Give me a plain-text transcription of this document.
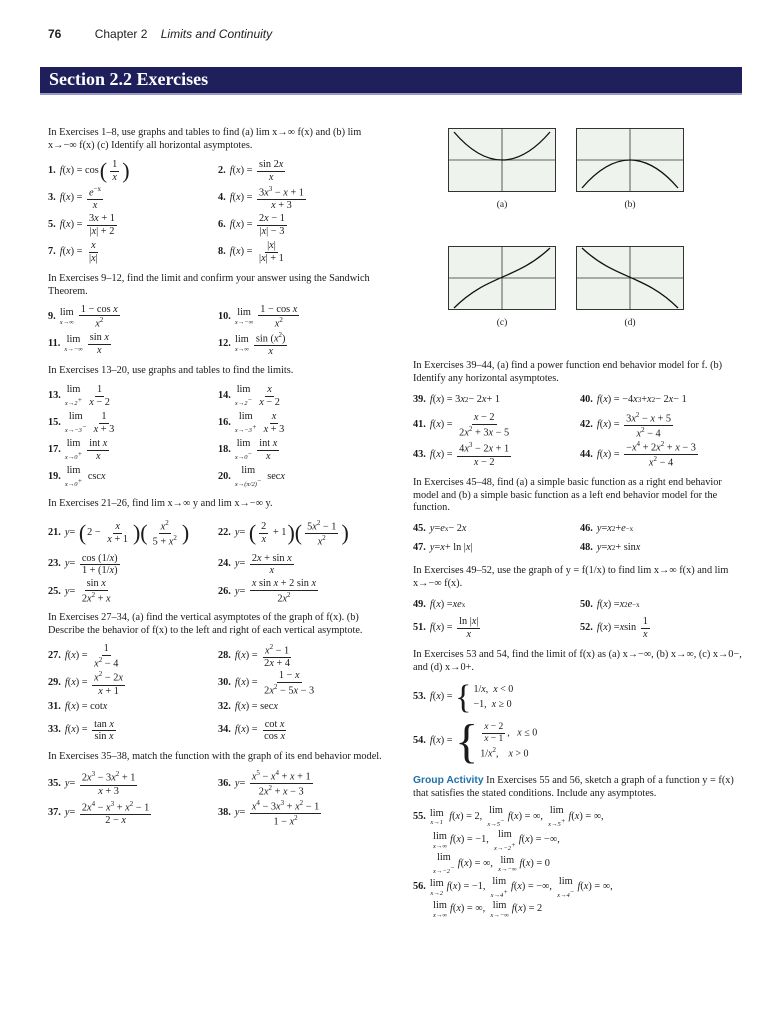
76	Chapter 2 Limits and Continuity
Section 2.2 Exercises

In Exercises 1–8, use graphs and tables to find (a) lim x→∞ f(x) and (b) lim x→−∞ f(x) (c) Identify all horizontal asymptotes.

1. f ( x ) = cos ( 1
x )	2. f ( x ) =
sin 2x
x
3. f ( x ) = $e^{-x}$
x
4. f ( x ) = $3x^3 - x + 1$
x + 3
5. f ( x ) =
3x + 1
|x| + 2
6. f ( x ) =
2x − 1
|x| − 3
7. f ( x ) =
x
|x|
8. f ( x ) =
|x|
|x| + 1

In Exercises 9–12, find the limit and confirm your answer using the Sandwich Theorem.

9. lim
x→∞
1 − cos x
$x^2$	10. lim
x→−∞
1 − cos x
$x^2$
11. lim
x→−∞
sin x
x
12. lim
x→∞
$\sin (x^2)$
x

In Exercises 13–20, use graphs and tables to find the limits.

13. lim
$x\to 2+ \frac{1}{x - 2}$	14. lim
$x\to 2- \frac{x}{x - 2}$
15. lim
$x\to-3- \frac{1}{x + 3}$	16. lim
$x\to-3+ \frac{x}{x + 3}$
17. lim
x→0+
int x
x
18. lim
x→0−
int x
x
19. lim
x→0+ csc x	20. lim
x→(π/2)− sec x

In Exercises 21–26, find lim x→∞ y and lim x→−∞ y.

21. y = ( 2 −
x
x + 1 )( $x^2$
$5 + x^2$ )	22. y = ( 2
x
+ 1 )( $5x^2 - 1$
$x^2$ )
23. y =
cos (1/x)
1 + (1/x)
24. y =
2x + sin x
x
25. y =
sin x
$2x^2 + x$
26. y =
x sin x + 2 sin x
$2x^2$

In Exercises 27–34, (a) find the vertical asymptotes of the graph of f(x). (b) Describe the behavior of f(x) to the left and right of each vertical asymptote.

27. f ( x ) =
1
$x^2 - 4$
28. f ( x ) = $x^2 - 1$
2x + 4
29. f ( x ) = $x^2 - 2x$
x + 1
30. f ( x ) =
1 − x
$2x^2 - 5x - 3$
31. f ( x ) = cot x	32. f ( x ) = sec x
33. f ( x ) =
tan x
sin x
34. f ( x ) =
cot x
cos x

In Exercises 35–38, match the function with the graph of its end behavior model.

35. $y = 2x^3 - 3x^2 + 1$
x + 3
36. y =
$x^5 - x^4 + x + 1$
$2x^2 + x - 3$
37. $y = 2x^4 - x^3 + x^2 - 1$
2 − x
38. y =
$x^4 - 3x^3 + x^2 - 1$
$1 - x^2$
(a)	(b)
(c)	(d)

In Exercises 39–44, (a) find a power function end behavior model for f. (b) Identify any horizontal asymptotes.

39. f ( x ) = 3 x 2 − 2 x + 1	40. f ( x ) = −4 x 3 + x 2 − 2 x − 1
41. f ( x ) =
x − 2
$2x^2 + 3x - 5$
42. f ( x ) =
$3x^2 - x + 5$
$x^2 - 4$
43. f ( x ) = $4x^3 - 2x + 1$
x − 2
44. f ( x ) =
$-x^4 + 2x^2 + x - 3$
$x^2 - 4$

In Exercises 45–48, find (a) a simple basic function as a right end behavior model and (b) a simple basic function as a left end behavior model for the function.

45. y = e x − 2 x	46. y = x 2 + e −x
47. y = x + ln | x |	48. y = x 2 + sin x

In Exercises 49–52, use the graph of y = f(1/x) to find lim x→∞ f(x) and lim x→−∞ f(x).

49. f ( x ) = xe x	50. f ( x ) = x 2 e −x
51. f ( x ) =
ln |x|
x
52. f ( x ) = x sin
1
x

In Exercises 53 and 54, find the limit of f(x) as (a) x→−∞, (b) x→∞, (c) x→0−, and (d) x→0+.

53. f ( x ) = { 1/x,  x < 0
−1,  x ≥ 0
54. f ( x ) = { $\frac{x - 2}{x - 1}$ ,   x ≤ 0
$1/x^2$,    x > 0

Group Activity In Exercises 55 and 56, sketch a graph of a function y = f(x) that satisfies the stated conditions. Include any asymptotes.

55. lim
x→1

f ( x ) = 2, lim
x→5− f ( x ) = ∞, lim
x→5+ f ( x ) = ∞,
lim
x→∞
f ( x ) = −1, lim
x→−2+ f ( x ) = −∞,
lim
x→−2− f ( x ) = ∞, lim
x→−∞
f ( x ) = 0
56. lim
x→2
f ( x ) = −1, lim
x→4+ f ( x ) = −∞, lim
x→4− f ( x ) = ∞,
lim
x→∞
f ( x ) = ∞, lim
x→−∞
f ( x ) = 2
